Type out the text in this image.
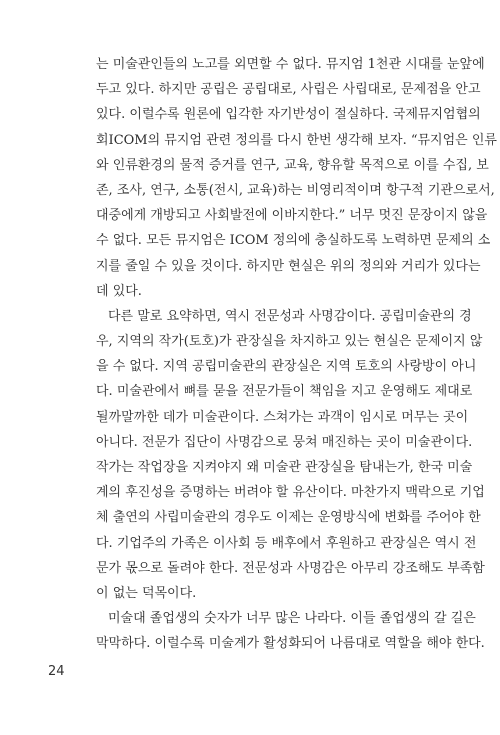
는 미술관인들의 노고를 외면할 수 없다. 뮤지엄 1천관 시대를 눈앞에
두고 있다. 하지만 공립은 공립대로, 사립은 사립대로, 문제점을 안고
있다. 이럴수록 원론에 입각한 자기반성이 절실하다. 국제뮤지엄협의
회ICOM의 뮤지엄 관련 정의를 다시 한번 생각해 보자. “뮤지엄은 인류
와 인류환경의 물적 증거를 연구, 교육, 향유할 목적으로 이를 수집, 보
존, 조사, 연구, 소통(전시, 교육)하는 비영리적이며 항구적 기관으로서,
대중에게 개방되고 사회발전에 이바지한다.” 너무 멋진 문장이지 않을
수 없다. 모든 뮤지엄은 ICOM 정의에 충실하도록 노력하면 문제의 소
지를 줄일 수 있을 것이다. 하지만 현실은 위의 정의와 거리가 있다는
데 있다.
다른 말로 요약하면, 역시 전문성과 사명감이다. 공립미술관의 경
우, 지역의 작가(토호)가 관장실을 차지하고 있는 현실은 문제이지 않
을 수 없다. 지역 공립미술관의 관장실은 지역 토호의 사랑방이 아니
다. 미술관에서 뼈를 묻을 전문가들이 책임을 지고 운영해도 제대로
될까말까한 데가 미술관이다. 스쳐가는 과객이 임시로 머무는 곳이
아니다. 전문가 집단이 사명감으로 뭉쳐 매진하는 곳이 미술관이다.
작가는 작업장을 지켜야지 왜 미술관 관장실을 탐내는가, 한국 미술
계의 후진성을 증명하는 버려야 할 유산이다. 마찬가지 맥락으로 기업
체 출연의 사립미술관의 경우도 이제는 운영방식에 변화를 주어야 한
다. 기업주의 가족은 이사회 등 배후에서 후원하고 관장실은 역시 전
문가 몫으로 돌려야 한다. 전문성과 사명감은 아무리 강조해도 부족함
이 없는 덕목이다.
미술대 졸업생의 숫자가 너무 많은 나라다. 이들 졸업생의 갈 길은
막막하다. 이럴수록 미술계가 활성화되어 나름대로 역할을 해야 한다.
24
